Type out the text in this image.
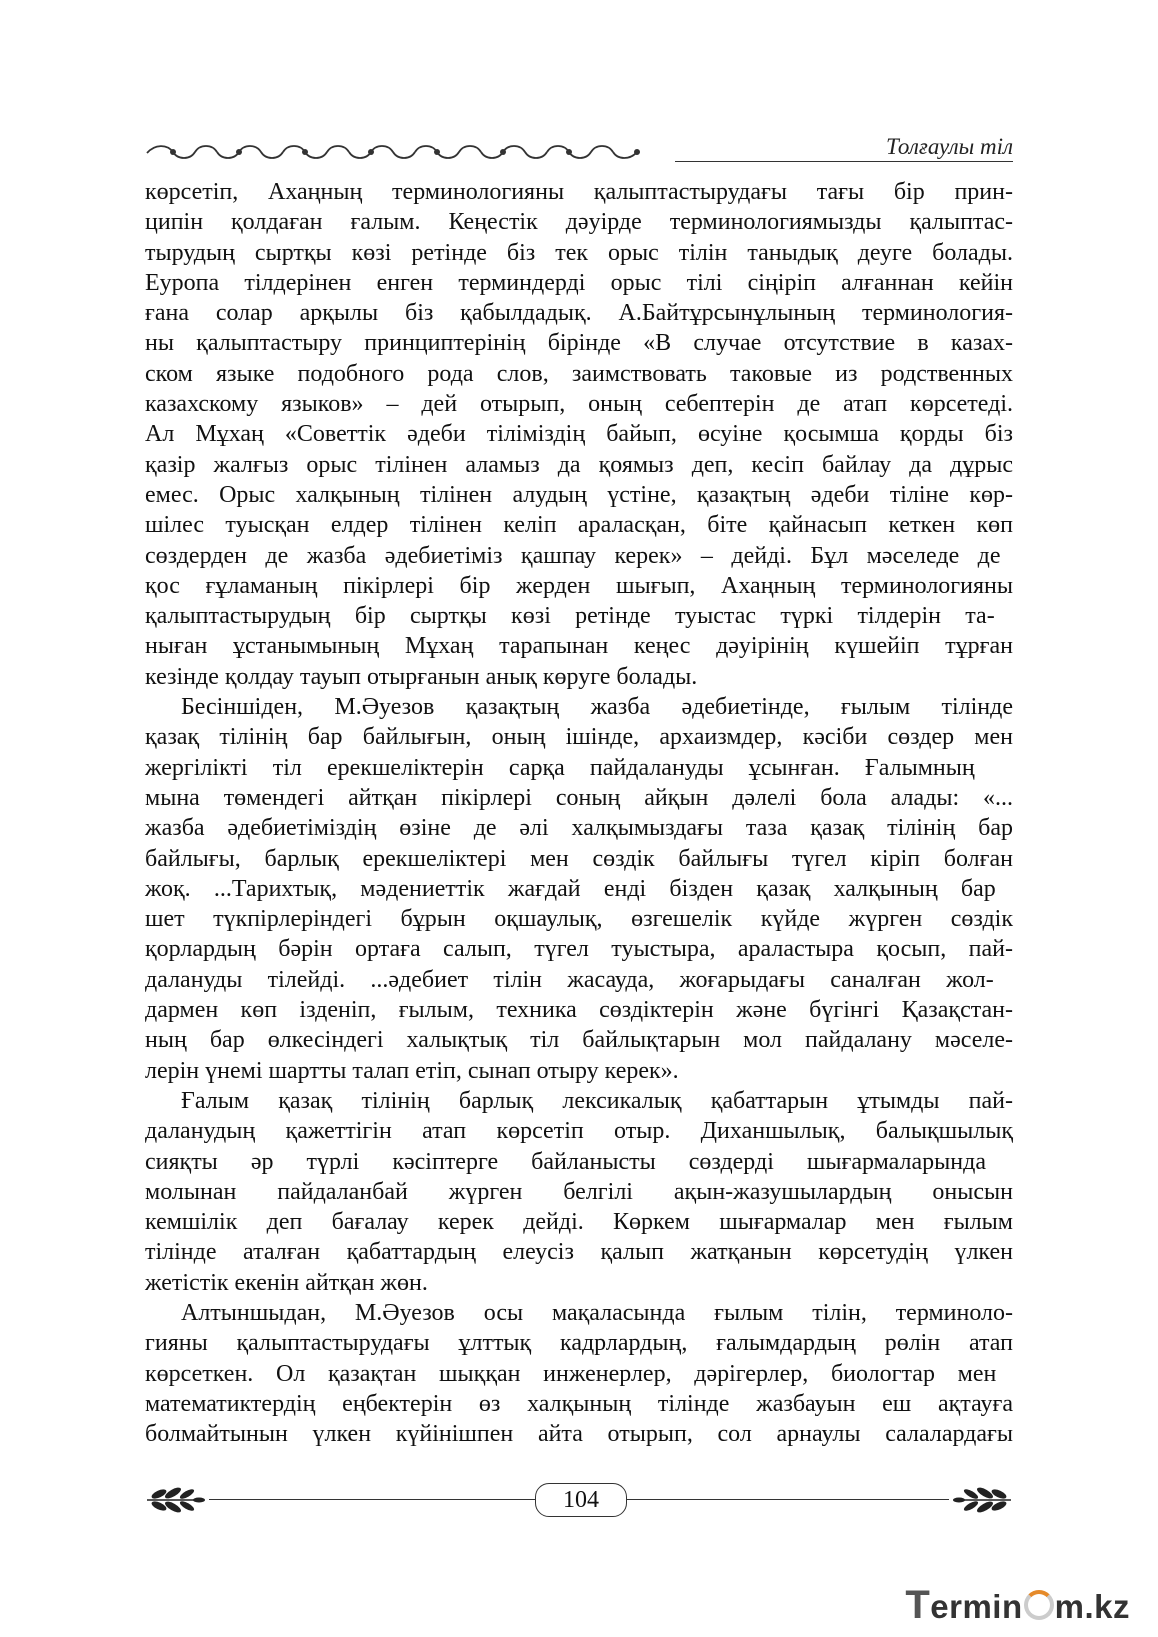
Толғаулы тіл
көрсетіп, Ахаңның терминологияны қалыптастырудағы тағы бір прин-
ципін қолдаған ғалым. Кеңестік дәуірде терминологиямызды қалыптас-
тырудың сыртқы көзі ретінде біз тек орыс тілін таныдық деуге болады.
Еуропа тілдерінен енген терминдерді орыс тілі сіңіріп алғаннан кейін
ғана солар арқылы біз қабылдадық. А.Байтұрсынұлының терминология-
ны қалыптастыру принциптерінің бірінде «В случае отсутствие в казах-
ском языке подобного рода слов, заимствовать таковые из родственных
казахскому языков» – дей отырып, оның себептерін де атап көрсетеді.
Ал Мұхаң «Советтік әдеби тіліміздің байып, өсуіне қосымша қорды біз
қазір жалғыз орыс тілінен аламыз да қоямыз деп, кесіп байлау да дұрыс
емес. Орыс халқының тілінен алудың үстіне, қазақтың әдеби тіліне көр-
шілес туысқан елдер тілінен келіп араласқан, біте қайнасып кеткен көп
сөздерден де жазба әдебиетіміз қашпау керек» – дейді. Бұл мәселеде де
қос ғұламаның пікірлері бір жерден шығып, Ахаңның терминологияны
қалыптастырудың бір сыртқы көзі ретінде туыстас түркі тілдерін та-
ныған ұстанымының Мұхаң тарапынан кеңес дәуірінің күшейіп тұрған
кезінде қолдау тауып отырғанын анық көруге болады.
Бесіншіден, М.Әуезов қазақтың жазба әдебиетінде, ғылым тілінде
қазақ тілінің бар байлығын, оның ішінде, архаизмдер, кәсіби сөздер мен
жергілікті тіл ерекшеліктерін сарқа пайдалануды ұсынған. Ғалымның
мына төмендегі айтқан пікірлері соның айқын дәлелі бола алады: «...
жазба әдебиетіміздің өзіне де әлі халқымыздағы таза қазақ тілінің бар
байлығы, барлық ерекшеліктері мен сөздік байлығы түгел кіріп болған
жоқ. ...Тарихтық, мәдениеттік жағдай енді бізден қазақ халқының бар
шет түкпірлеріндегі бұрын оқшаулық, өзгешелік күйде жүрген сөздік
қорлардың бәрін ортаға салып, түгел туыстыра, араластыра қосып, пай-
далануды тілейді. ...әдебиет тілін жасауда, жоғарыдағы саналған жол-
дармен көп ізденіп, ғылым, техника сөздіктерін және бүгінгі Қазақстан-
ның бар өлкесіндегі халықтық тіл байлықтарын мол пайдалану мәселе-
лерін үнемі шартты талап етіп, сынап отыру керек».
Ғалым қазақ тілінің барлық лексикалық қабаттарын ұтымды пай-
даланудың қажеттігін атап көрсетіп отыр. Диханшылық, балықшылық
сияқты әр түрлі кәсіптерге байланысты сөздерді шығармаларында
молынан пайдаланбай жүрген белгілі ақын-жазушылардың онысын
кемшілік деп бағалау керек дейді. Көркем шығармалар мен ғылым
тілінде аталған қабаттардың елеусіз қалып жатқанын көрсетудің үлкен
жетістік екенін айтқан жөн.
Алтыншыдан, М.Әуезов осы мақаласында ғылым тілін, терминоло-
гияны қалыптастырудағы ұлттық кадрлардың, ғалымдардың рөлін атап
көрсеткен. Ол қазақтан шыққан инженерлер, дәрігерлер, биологтар мен
математиктердің еңбектерін өз халқының тілінде жазбауын еш ақтауға
болмайтынын үлкен күйінішпен айта отырып, сол арнаулы салалардағы
104
Termin m.kz
